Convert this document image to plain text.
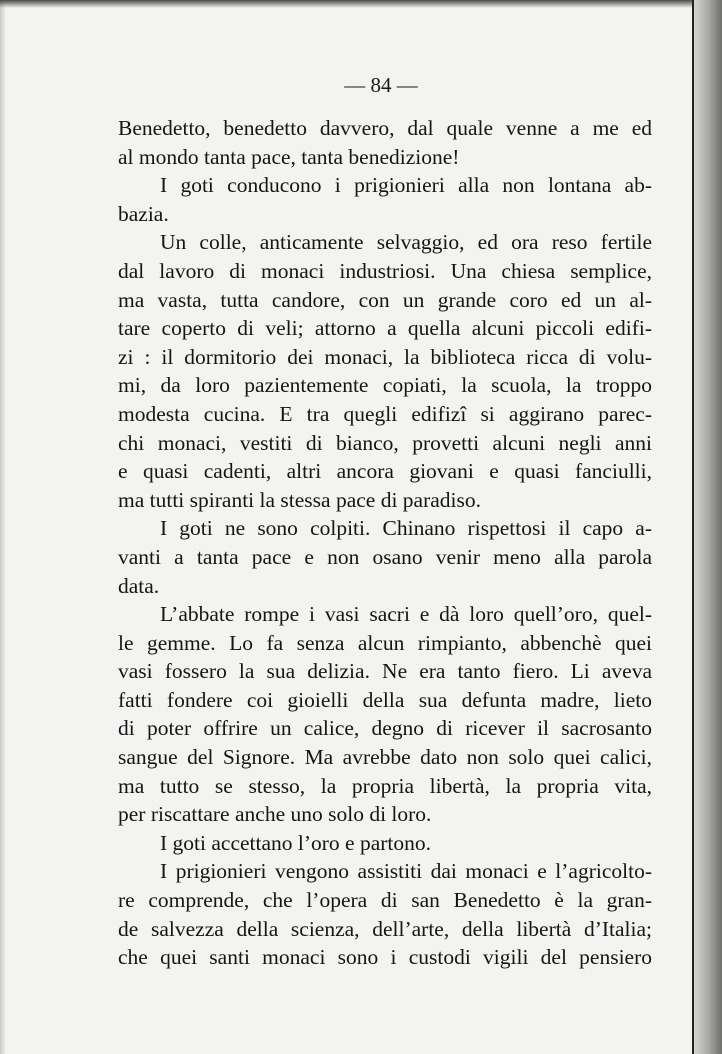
— 84 —
Benedetto, benedetto davvero, dal quale venne a me ed
al mondo tanta pace, tanta benedizione!
I goti conducono i prigionieri alla non lontana ab-
bazia.
Un colle, anticamente selvaggio, ed ora reso fertile
dal lavoro di monaci industriosi. Una chiesa semplice,
ma vasta, tutta candore, con un grande coro ed un al-
tare coperto di veli; attorno a quella alcuni piccoli edifi-
zi : il dormitorio dei monaci, la biblioteca ricca di volu-
mi, da loro pazientemente copiati, la scuola, la troppo
modesta cucina. E tra quegli edifizî si aggirano parec-
chi monaci, vestiti di bianco, provetti alcuni negli anni
e quasi cadenti, altri ancora giovani e quasi fanciulli,
ma tutti spiranti la stessa pace di paradiso.
I goti ne sono colpiti. Chinano rispettosi il capo a-
vanti a tanta pace e non osano venir meno alla parola
data.
L’abbate rompe i vasi sacri e dà loro quell’oro, quel-
le gemme. Lo fa senza alcun rimpianto, abbenchè quei
vasi fossero la sua delizia. Ne era tanto fiero. Li aveva
fatti fondere coi gioielli della sua defunta madre, lieto
di poter offrire un calice, degno di ricever il sacrosanto
sangue del Signore. Ma avrebbe dato non solo quei calici,
ma tutto se stesso, la propria libertà, la propria vita,
per riscattare anche uno solo di loro.
I goti accettano l’oro e partono.
I prigionieri vengono assistiti dai monaci e l’agricolto-
re comprende, che l’opera di san Benedetto è la gran-
de salvezza della scienza, dell’arte, della libertà d’Italia;
che quei santi monaci sono i custodi vigili del pensiero
